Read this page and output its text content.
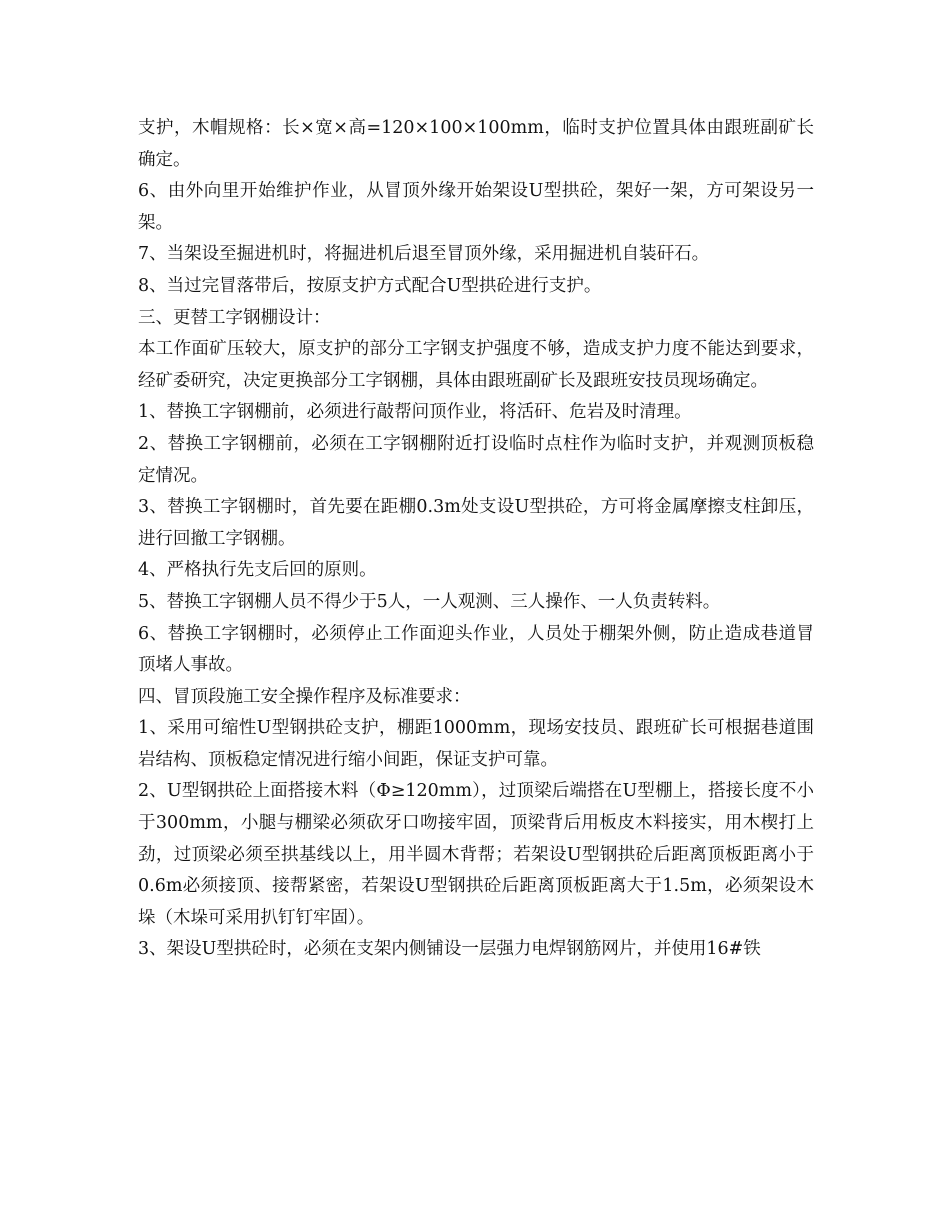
支护，木帽规格：长×宽×高=120×100×100mm，临时支护位置具体由跟班副矿长确定。

6、由外向里开始维护作业，从冒顶外缘开始架设U型拱砼，架好一架，方可架设另一架。

7、当架设至掘进机时，将掘进机后退至冒顶外缘，采用掘进机自装矸石。

8、当过完冒落带后，按原支护方式配合U型拱砼进行支护。

三、更替工字钢棚设计：

本工作面矿压较大，原支护的部分工字钢支护强度不够，造成支护力度不能达到要求，经矿委研究，决定更换部分工字钢棚，具体由跟班副矿长及跟班安技员现场确定。

1、替换工字钢棚前，必须进行敲帮问顶作业，将活矸、危岩及时清理。

2、替换工字钢棚前，必须在工字钢棚附近打设临时点柱作为临时支护，并观测顶板稳定情况。

3、替换工字钢棚时，首先要在距棚0.3m处支设U型拱砼，方可将金属摩擦支柱卸压，进行回撤工字钢棚。

4、严格执行先支后回的原则。

5、替换工字钢棚人员不得少于5人，一人观测、三人操作、一人负责转料。

6、替换工字钢棚时，必须停止工作面迎头作业，人员处于棚架外侧，防止造成巷道冒顶堵人事故。

四、冒顶段施工安全操作程序及标准要求：

1、采用可缩性U型钢拱砼支护，棚距1000mm，现场安技员、跟班矿长可根据巷道围岩结构、顶板稳定情况进行缩小间距，保证支护可靠。

2、U型钢拱砼上面搭接木料（Φ≥120mm），过顶梁后端搭在U型棚上，搭接长度不小于300mm，小腿与棚梁必须砍牙口吻接牢固，顶梁背后用板皮木料接实，用木楔打上劲，过顶梁必须至拱基线以上，用半圆木背帮；若架设U型钢拱砼后距离顶板距离小于0.6m必须接顶、接帮紧密，若架设U型钢拱砼后距离顶板距离大于1.5m，必须架设木垛（木垛可采用扒钉钉牢固）。

3、架设U型拱砼时，必须在支架内侧铺设一层强力电焊钢筋网片，并使用16#铁
